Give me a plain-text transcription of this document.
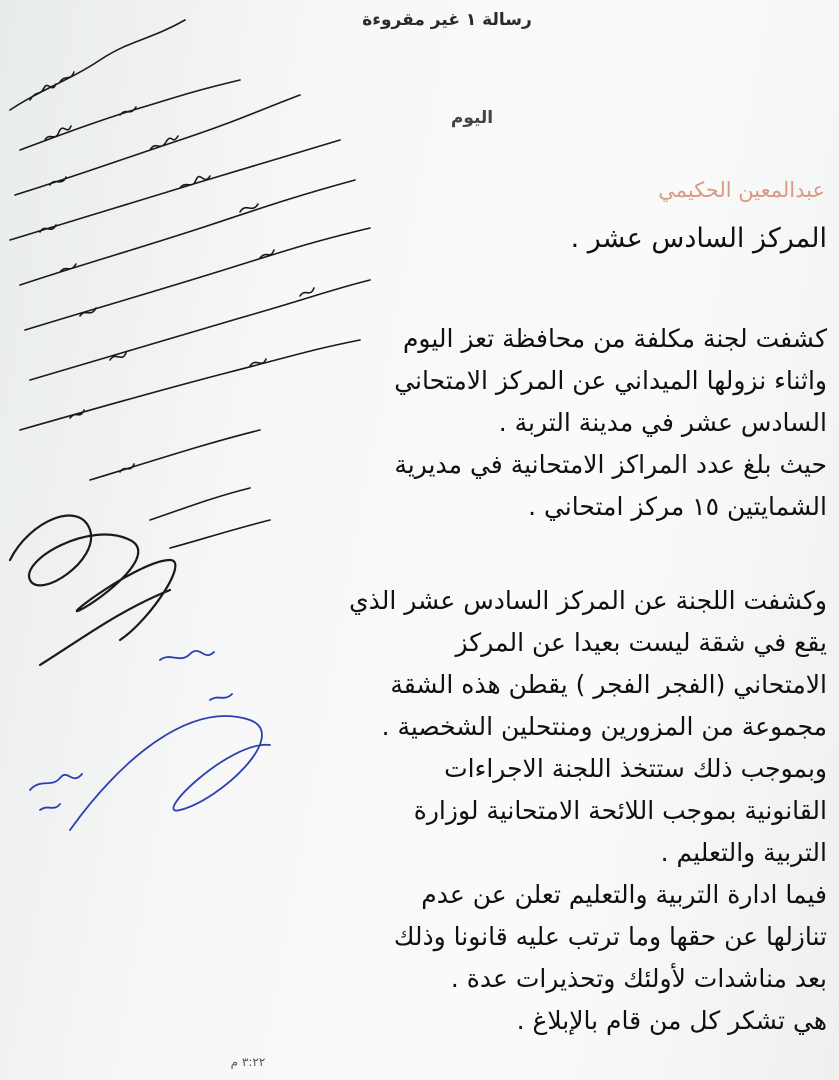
رسالة ١ غير مقروءة
اليوم
عبدالمعين الحكيمي
المركز السادس عشر .
كشفت لجنة مكلفة من محافظة تعز اليوم
واثناء نزولها الميداني عن المركز الامتحاني
السادس عشر في مدينة التربة .
حيث بلغ عدد المراكز الامتحانية في مديرية
الشمايتين ١٥ مركز امتحاني .
وكشفت اللجنة عن المركز السادس عشر الذي
يقع في شقة ليست بعيدا عن المركز
الامتحاني (الفجر الفجر ) يقطن هذه الشقة
مجموعة من المزورين ومنتحلين الشخصية .
وبموجب ذلك ستتخذ اللجنة الاجراءات
القانونية بموجب اللائحة الامتحانية لوزارة
التربية والتعليم .
فيما ادارة التربية والتعليم تعلن عن عدم
تنازلها عن حقها وما ترتب عليه قانونا وذلك
بعد مناشدات لأولئك وتحذيرات عدة .
هي تشكر كل من قام بالإبلاغ .
٣:٢٢ م
